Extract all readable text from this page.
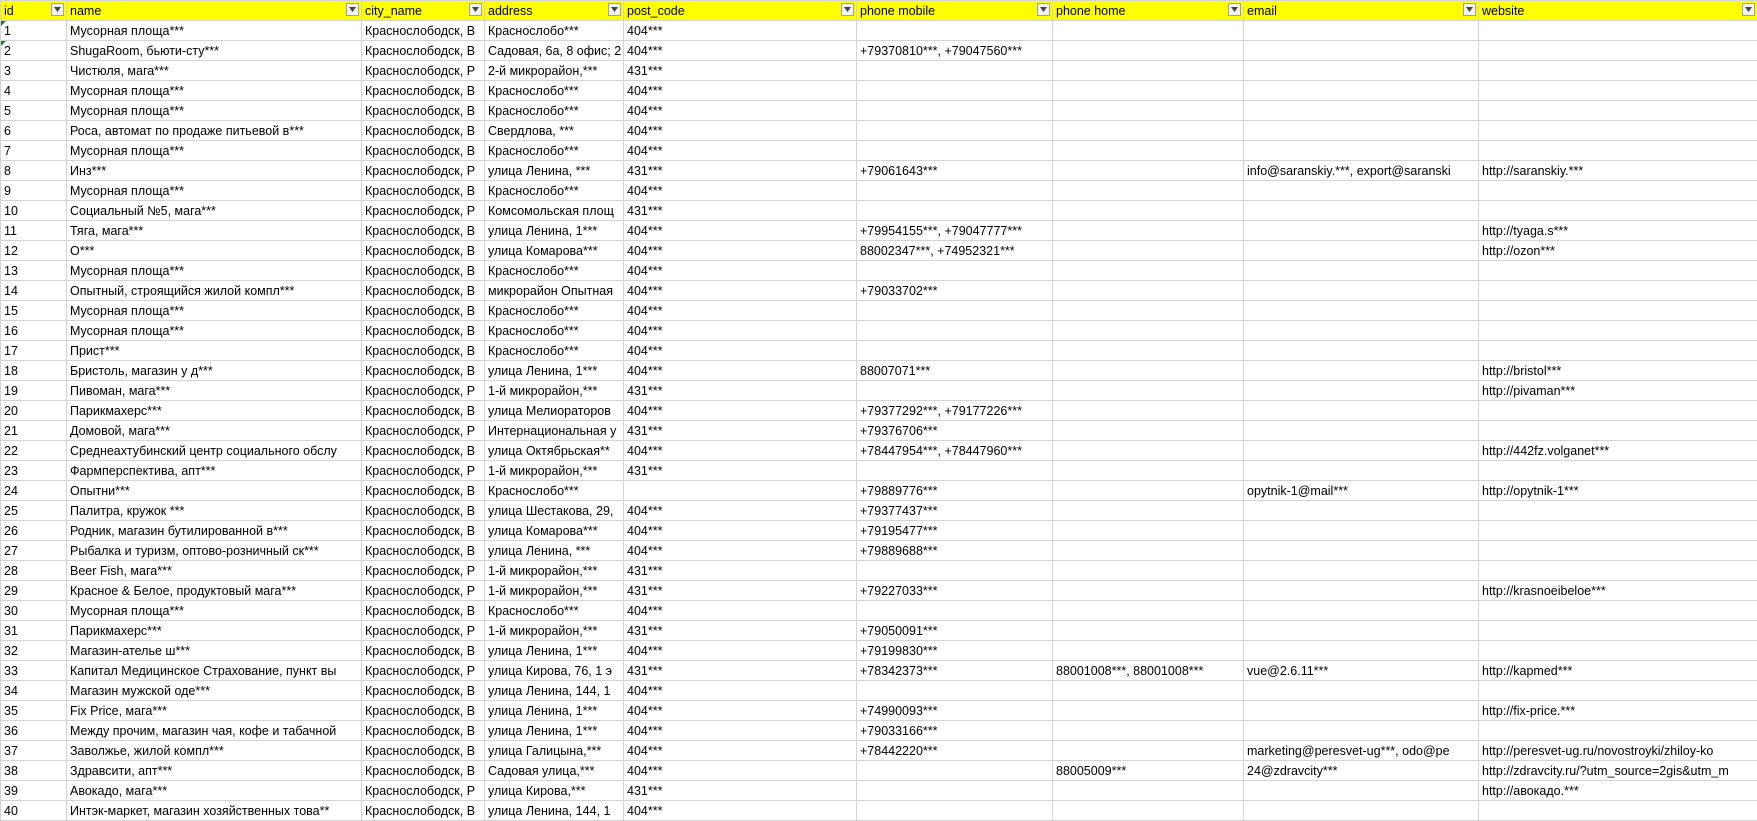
id	name	city_name	address	post_code	phone mobile	phone home	email	website

1	Мусорная площа***	Краснослободск, В	Краснослобо***	404***				
2	ShugaRoom, бьюти-сту***	Краснослободск, В	Садовая, 6а, 8 офис; 2	404***	+79370810***, +79047560***			
3	Чистюля, мага***	Краснослободск, Р	2-й микрорайон,***	431***				
4	Мусорная площа***	Краснослободск, В	Краснослобо***	404***				
5	Мусорная площа***	Краснослободск, В	Краснослобо***	404***				
6	Роса, автомат по продаже питьевой в***	Краснослободск, В	Свердлова, ***	404***				
7	Мусорная площа***	Краснослободск, В	Краснослобо***	404***				
8	Инз***	Краснослободск, Р	улица Ленина, ***	431***	+79061643***		info@saranskiy.***, export@saranski	http://saranskiy.***
9	Мусорная площа***	Краснослободск, В	Краснослобо***	404***				
10	Социальный №5, мага***	Краснослободск, Р	Комсомольская площ	431***				
11	Тяга, мага***	Краснослободск, В	улица Ленина, 1***	404***	+79954155***, +79047777***			http://tyaga.s***
12	О***	Краснослободск, В	улица Комарова***	404***	88002347***, +74952321***			http://ozon***
13	Мусорная площа***	Краснослободск, В	Краснослобо***	404***				
14	Опытный, строящийся жилой компл***	Краснослободск, В	микрорайон Опытная	404***	+79033702***			
15	Мусорная площа***	Краснослободск, В	Краснослобо***	404***				
16	Мусорная площа***	Краснослободск, В	Краснослобо***	404***				
17	Прист***	Краснослободск, В	Краснослобо***	404***				
18	Бристоль, магазин у д***	Краснослободск, В	улица Ленина, 1***	404***	88007071***			http://bristol***
19	Пивоман, мага***	Краснослободск, Р	1-й микрорайон,***	431***				http://pivaman***
20	Парикмахерс***	Краснослободск, В	улица Мелиораторов	404***	+79377292***, +79177226***			
21	Домовой, мага***	Краснослободск, Р	Интернациональная у	431***	+79376706***			
22	Среднеахтубинский центр социального обслу	Краснослободск, В	улица Октябрьская**	404***	+78447954***, +78447960***			http://442fz.volganet***
23	Фармперспектива, апт***	Краснослободск, Р	1-й микрорайон,***	431***				
24	Опытни***	Краснослободск, В	Краснослобо***		+79889776***		opytnik-1@mail***	http://opytnik-1***
25	Палитра, кружок ***	Краснослободск, В	улица Шестакова, 29,	404***	+79377437***			
26	Родник, магазин бутилированной в***	Краснослободск, В	улица Комарова***	404***	+79195477***			
27	Рыбалка и туризм, оптово-розничный ск***	Краснослободск, В	улица Ленина, ***	404***	+79889688***			
28	Beer Fish, мага***	Краснослободск, Р	1-й микрорайон,***	431***				
29	Красное & Белое, продуктовый мага***	Краснослободск, Р	1-й микрорайон,***	431***	+79227033***			http://krasnoeibeloe***
30	Мусорная площа***	Краснослободск, В	Краснослобо***	404***				
31	Парикмахерс***	Краснослободск, Р	1-й микрорайон,***	431***	+79050091***			
32	Магазин-ателье ш***	Краснослободск, В	улица Ленина, 1***	404***	+79199830***			
33	Капитал Медицинское Страхование, пункт вы	Краснослободск, Р	улица Кирова, 76, 1 э	431***	+78342373***	88001008***, 88001008***	vue@2.6.11***	http://kapmed***
34	Магазин мужской оде***	Краснослободск, В	улица Ленина, 144, 1	404***				
35	Fix Price, мага***	Краснослободск, В	улица Ленина, 1***	404***	+74990093***			http://fix-price.***
36	Между прочим, магазин чая, кофе и табачной	Краснослободск, В	улица Ленина, 1***	404***	+79033166***			
37	Заволжье, жилой компл***	Краснослободск, В	улица Галицына,***	404***	+78442220***		marketing@peresvet-ug***, odo@pe	http://peresvet-ug.ru/novostroyki/zhiloy-ko
38	Здравсити, апт***	Краснослободск, В	Садовая улица,***	404***		88005009***	24@zdravcity***	http://zdravcity.ru/?utm_source=2gis&utm_m
39	Авокадо, мага***	Краснослободск, Р	улица Кирова,***	431***				http://авокадо.***
40	Интэк-маркет, магазин хозяйственных това**	Краснослободск, В	улица Ленина, 144, 1	404***				
